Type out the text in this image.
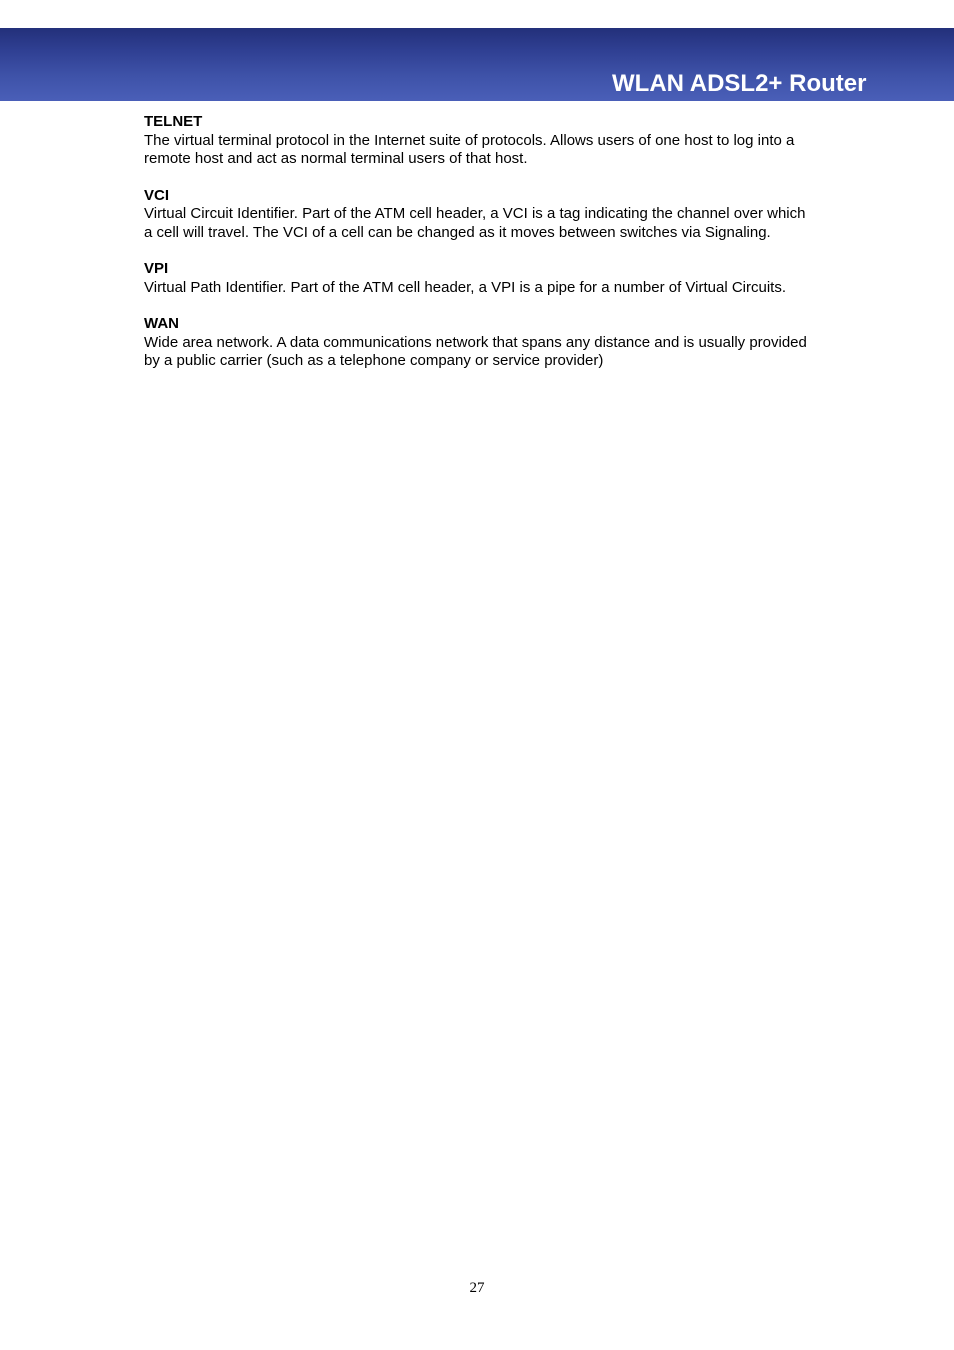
WLAN ADSL2+ Router
TELNET
The virtual terminal protocol in the Internet suite of protocols. Allows users of one host to log into a remote host and act as normal terminal users of that host.
VCI
Virtual Circuit Identifier. Part of the ATM cell header, a VCI is a tag indicating the channel over which a cell will travel. The VCI of a cell can be changed as it moves between switches via Signaling.
VPI
Virtual Path Identifier. Part of the ATM cell header, a VPI is a pipe for a number of Virtual Circuits.
WAN
Wide area network. A data communications network that spans any distance and is usually provided by a public carrier (such as a telephone company or service provider)
27
